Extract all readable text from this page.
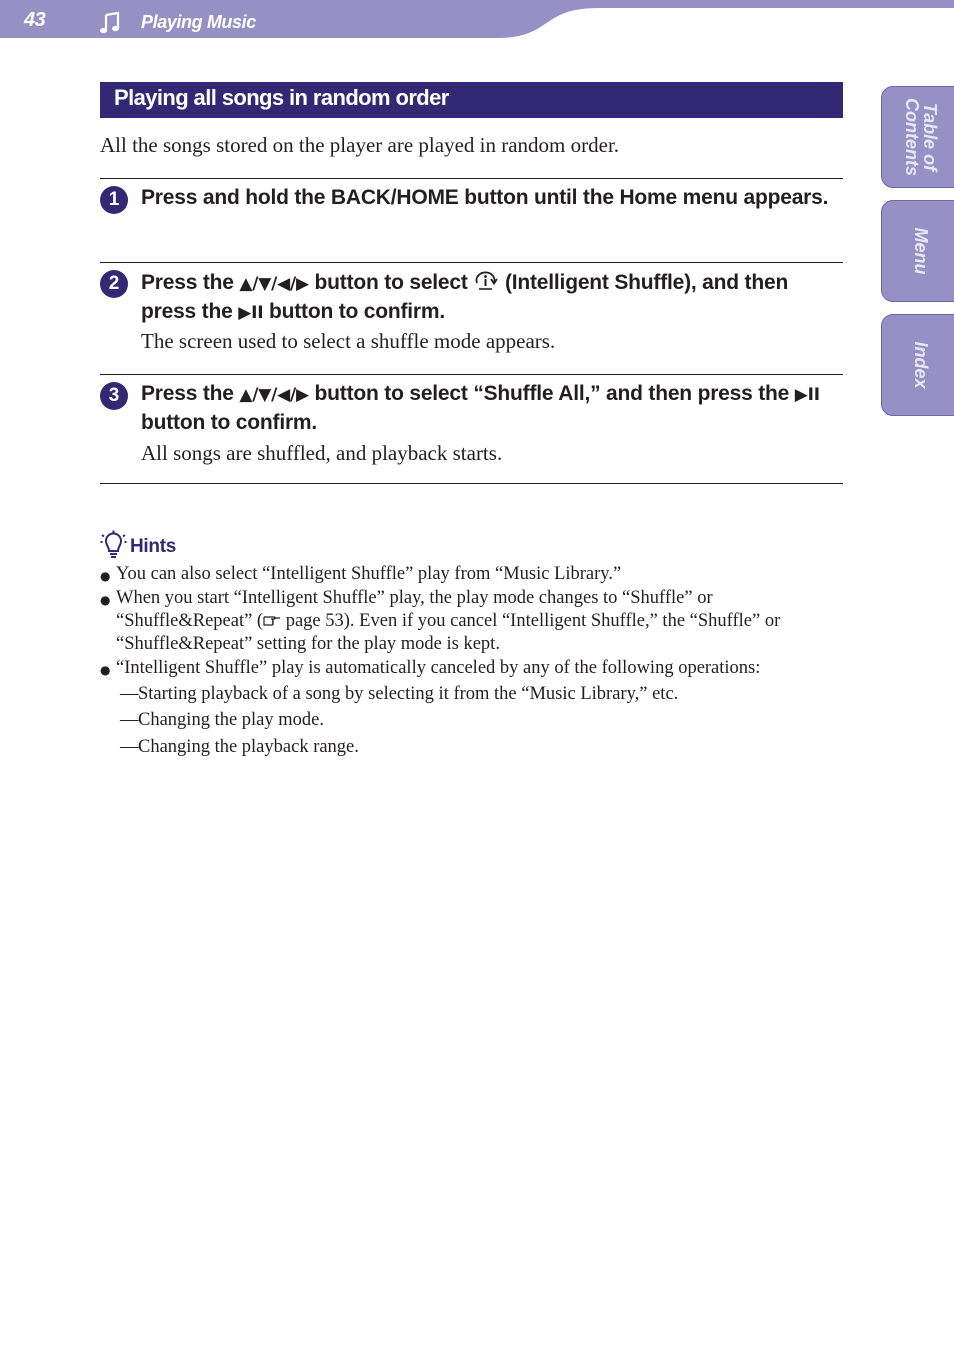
43	Playing Music
Table of
Contents
Menu
Index
Playing all songs in random order
All the songs stored on the player are played in random order.
1	Press and hold the BACK/HOME button until the Home menu appears.
2	Press the ▲/▼/◀/▶ button to select  (Intelligent Shuffle), and then press the ▶II button to confirm.
The screen used to select a shuffle mode appears.
3	Press the ▲/▼/◀/▶ button to select “Shuffle All,” and then press the ▶II button to confirm.
All songs are shuffled, and playback starts.
Hints
● You can also select “Intelligent Shuffle” play from “Music Library.”
● When you start “Intelligent Shuffle” play, the play mode changes to “Shuffle” or “Shuffle&Repeat” ( page 53). Even if you cancel “Intelligent Shuffle,” the “Shuffle” or “Shuffle&Repeat” setting for the play mode is kept.
● “Intelligent Shuffle” play is automatically canceled by any of the following operations:
— Starting playback of a song by selecting it from the “Music Library,” etc.
— Changing the play mode.
— Changing the playback range.
